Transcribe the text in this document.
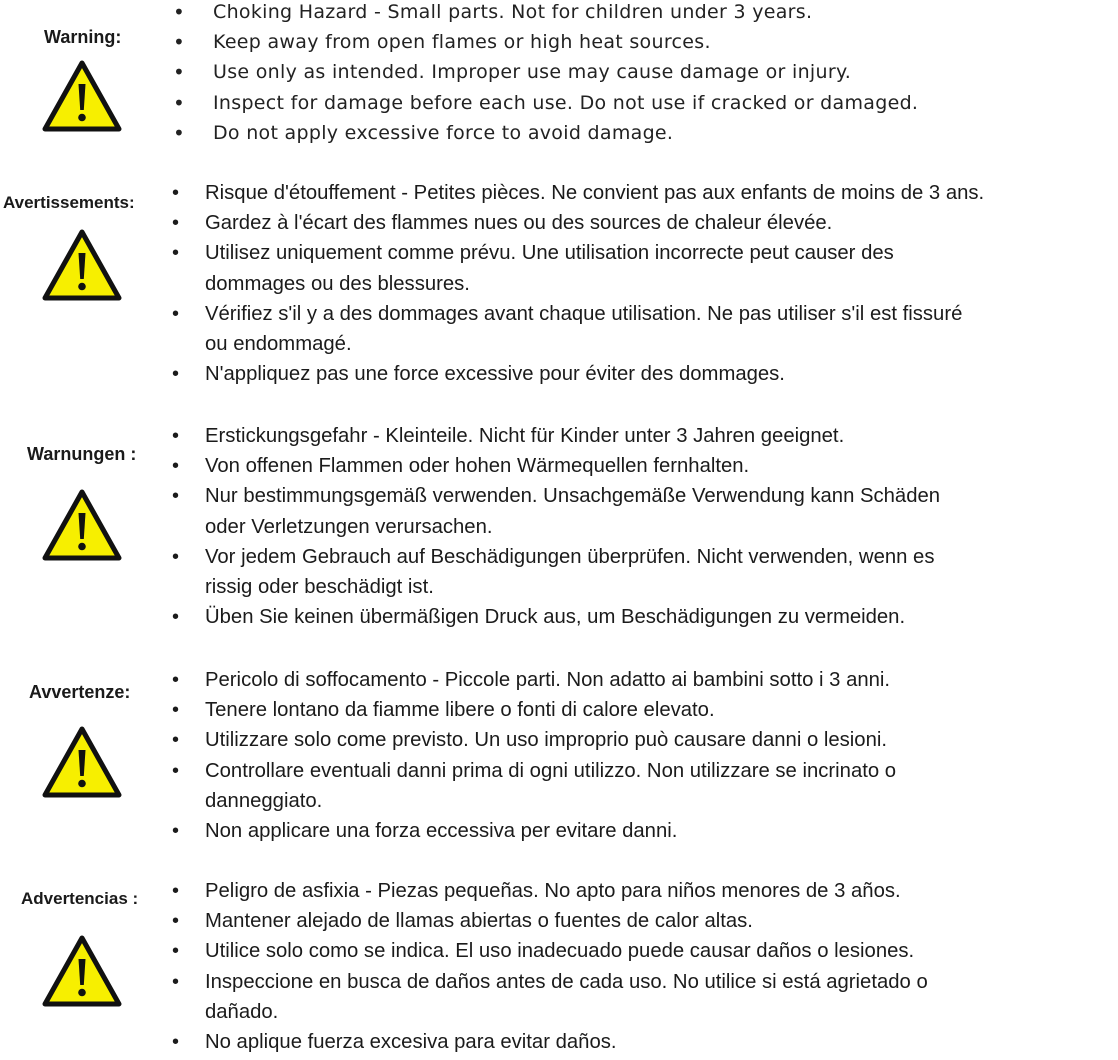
Warning:
• Choking Hazard - Small parts. Not for children under 3 years.
• Keep away from open flames or high heat sources.
• Use only as intended. Improper use may cause damage or injury.
• Inspect for damage before each use. Do not use if cracked or damaged.
• Do not apply excessive force to avoid damage.
Avertissements:	• Risque d'étouffement - Petites pièces. Ne convient pas aux enfants de moins de 3 ans.
• Gardez à l'écart des flammes nues ou des sources de chaleur élevée.
• Utilisez uniquement comme prévu. Une utilisation incorrecte peut causer des
dommages ou des blessures.
• Vérifiez s'il y a des dommages avant chaque utilisation. Ne pas utiliser s'il est fissuré
ou endommagé.
• N'appliquez pas une force excessive pour éviter des dommages.
Warnungen :
• Erstickungsgefahr - Kleinteile. Nicht für Kinder unter 3 Jahren geeignet.
• Von offenen Flammen oder hohen Wärmequellen fernhalten.
• Nur bestimmungsgemäß verwenden. Unsachgemäße Verwendung kann Schäden
oder Verletzungen verursachen.
• Vor jedem Gebrauch auf Beschädigungen überprüfen. Nicht verwenden, wenn es
rissig oder beschädigt ist.
• Üben Sie keinen übermäßigen Druck aus, um Beschädigungen zu vermeiden.
Avvertenze:
• Pericolo di soffocamento - Piccole parti. Non adatto ai bambini sotto i 3 anni.
• Tenere lontano da fiamme libere o fonti di calore elevato.
• Utilizzare solo come previsto. Un uso improprio può causare danni o lesioni.
• Controllare eventuali danni prima di ogni utilizzo. Non utilizzare se incrinato o
danneggiato.
• Non applicare una forza eccessiva per evitare danni.
Advertencias :	• Peligro de asfixia - Piezas pequeñas. No apto para niños menores de 3 años.
• Mantener alejado de llamas abiertas o fuentes de calor altas.
• Utilice solo como se indica. El uso inadecuado puede causar daños o lesiones.
• Inspeccione en busca de daños antes de cada uso. No utilice si está agrietado o
dañado.
• No aplique fuerza excesiva para evitar daños.
